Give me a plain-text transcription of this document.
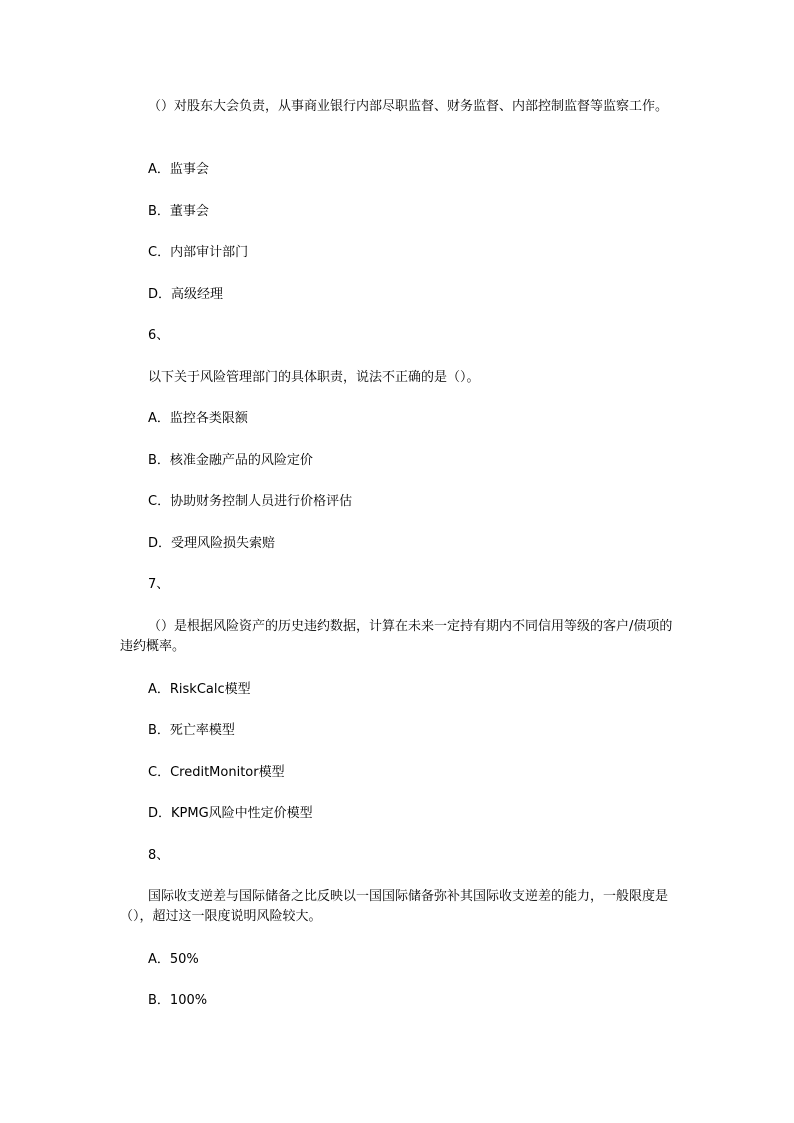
（）对股东大会负责，从事商业银行内部尽职监督、财务监督、内部控制监督等监察工作。

A．监事会

B．董事会

C．内部审计部门

D．高级经理

6、

以下关于风险管理部门的具体职责，说法不正确的是（）。

A．监控各类限额

B．核准金融产品的风险定价

C．协助财务控制人员进行价格评估

D．受理风险损失索赔

7、

（）是根据风险资产的历史违约数据，计算在未来一定持有期内不同信用等级的客户/债项的违约概率。

A．RiskCalc模型

B．死亡率模型

C．CreditMonitor模型

D．KPMG风险中性定价模型

8、

国际收支逆差与国际储备之比反映以一国国际储备弥补其国际收支逆差的能力，一般限度是（），超过这一限度说明风险较大。

A．50%

B．100%
